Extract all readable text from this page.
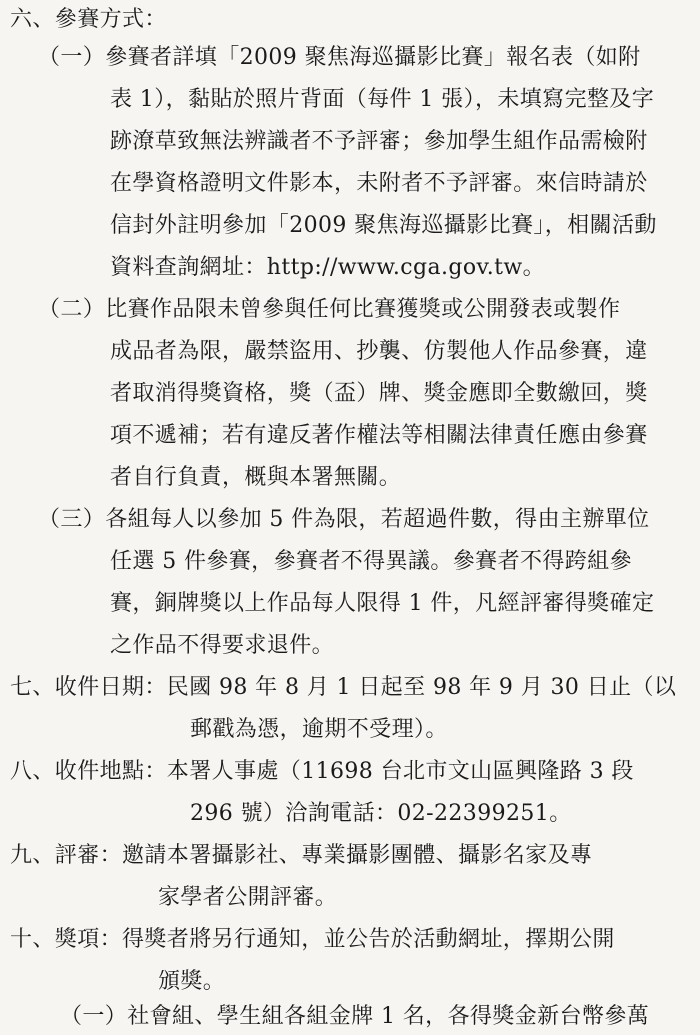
六、參賽方式：
（一）參賽者詳填「2009 聚焦海巡攝影比賽」報名表（如附
表 1），黏貼於照片背面（每件 1 張），未填寫完整及字
跡潦草致無法辨識者不予評審；參加學生組作品需檢附
在學資格證明文件影本，未附者不予評審。來信時請於
信封外註明參加「2009 聚焦海巡攝影比賽」，相關活動
資料查詢網址：http://www.cga.gov.tw。
（二）比賽作品限未曾參與任何比賽獲獎或公開發表或製作
成品者為限，嚴禁盜用、抄襲、仿製他人作品參賽，違
者取消得獎資格，獎（盃）牌、獎金應即全數繳回，獎
項不遞補；若有違反著作權法等相關法律責任應由參賽
者自行負責，概與本署無關。
（三）各組每人以參加 5 件為限，若超過件數，得由主辦單位
任選 5 件參賽，參賽者不得異議。參賽者不得跨組參
賽，銅牌獎以上作品每人限得 1 件，凡經評審得獎確定
之作品不得要求退件。
七、收件日期：民國 98 年 8 月 1 日起至 98 年 9 月 30 日止（以
郵戳為憑，逾期不受理）。
八、收件地點：本署人事處（11698 台北市文山區興隆路 3 段
296 號）洽詢電話：02-22399251。
九、評審：邀請本署攝影社、專業攝影團體、攝影名家及專
家學者公開評審。
十、獎項：得獎者將另行通知，並公告於活動網址，擇期公開
頒獎。
（一）社會組、學生組各組金牌 1 名，各得獎金新台幣參萬
